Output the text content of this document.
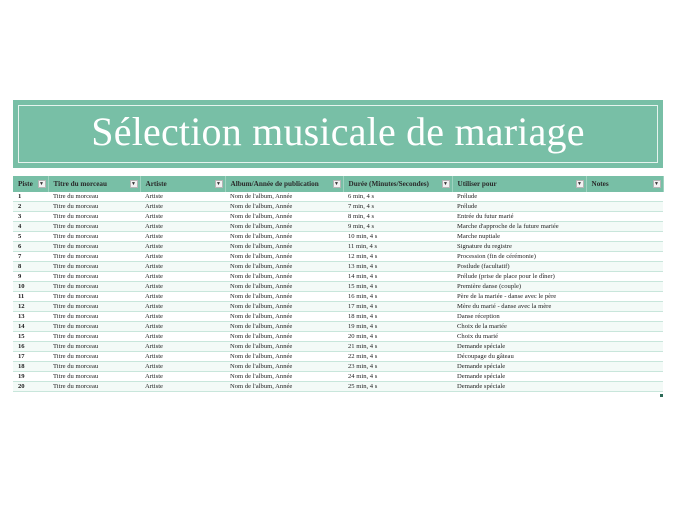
Sélection musicale de mariage
Piste ▼	Titre du morceau ▼	Artiste ▼	Album/Année de publication ▼	Durée (Minutes/Secondes) ▼	Utiliser pour ▼	Notes ▼

1	Titre du morceau	Artiste	Nom de l'album, Année	6 min, 4 s	Prélude	
2	Titre du morceau	Artiste	Nom de l'album, Année	7 min, 4 s	Prélude	
3	Titre du morceau	Artiste	Nom de l'album, Année	8 min, 4 s	Entrée du futur marié	
4	Titre du morceau	Artiste	Nom de l'album, Année	9 min, 4 s	Marche d'approche de la future mariée	
5	Titre du morceau	Artiste	Nom de l'album, Année	10 min, 4 s	Marche nuptiale	
6	Titre du morceau	Artiste	Nom de l'album, Année	11 min, 4 s	Signature du registre	
7	Titre du morceau	Artiste	Nom de l'album, Année	12 min, 4 s	Procession (fin de cérémonie)	
8	Titre du morceau	Artiste	Nom de l'album, Année	13 min, 4 s	Postlude (facultatif)	
9	Titre du morceau	Artiste	Nom de l'album, Année	14 min, 4 s	Prélude (prise de place pour le dîner)	
10	Titre du morceau	Artiste	Nom de l'album, Année	15 min, 4 s	Première danse (couple)	
11	Titre du morceau	Artiste	Nom de l'album, Année	16 min, 4 s	Père de la mariée - danse avec le père	
12	Titre du morceau	Artiste	Nom de l'album, Année	17 min, 4 s	Mère du marié - danse avec la mère	
13	Titre du morceau	Artiste	Nom de l'album, Année	18 min, 4 s	Danse réception	
14	Titre du morceau	Artiste	Nom de l'album, Année	19 min, 4 s	Choix de la mariée	
15	Titre du morceau	Artiste	Nom de l'album, Année	20 min, 4 s	Choix du marié	
16	Titre du morceau	Artiste	Nom de l'album, Année	21 min, 4 s	Demande spéciale	
17	Titre du morceau	Artiste	Nom de l'album, Année	22 min, 4 s	Découpage du gâteau	
18	Titre du morceau	Artiste	Nom de l'album, Année	23 min, 4 s	Demande spéciale	
19	Titre du morceau	Artiste	Nom de l'album, Année	24 min, 4 s	Demande spéciale	
20	Titre du morceau	Artiste	Nom de l'album, Année	25 min, 4 s	Demande spéciale	
